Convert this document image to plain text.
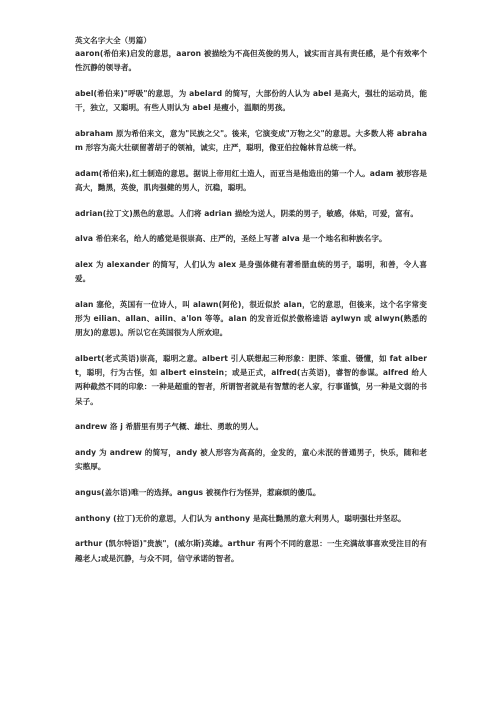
英文名字大全（男篇）

aaron(希伯来)启发的意思，aaron 被描绘为不高但英俊的男人，诚实而言具有责任感，是个有效率个性沉静的领导者。

abel(希伯来)"呼吸"的意思，为 abelard 的简写，大部份的人认为 abel 是高大，强壮的运动员，能干，独立，又聪明。有些人则认为 abel 是瘦小，温顺的男孩。

abraham 原为希伯来文，意为"民族之父"。後来，它演变成"万物之父"的意思。大多数人将 abraham 形容为高大壮硕留著胡子的领袖，诚实，庄严，聪明，像亚伯拉翰林肯总统一样。

adam(希伯来),红土制造的意思。据说上帝用红土造人，而亚当是他造出的第一个人。adam 被形容是高大，黝黑，英俊，肌肉强健的男人，沉稳，聪明。

adrian(拉丁文)黑色的意思。人们将 adrian 描绘为送人，阴柔的男子，敏感，体贴，可爱，富有。

alva 希伯来名，给人的感觉是很崇高、庄严的，圣经上写著 alva 是一个地名和种族名字。

alex 为 alexander 的简写，人们认为 alex 是身强体健有著希腊血统的男子，聪明，和善，令人喜爱。

alan 塞伦，英国有一位诗人，叫 alawn(阿伦)，很近似於 alan，它的意思，但後来，这个名字常变形为 eilian、allan、ailin、a'lon 等等。alan 的发音近似於傲格逵语 aylwyn 或 alwyn(熟悉的朋友)的意思)。所以它在英国很为人所欢迎。

albert(老式英语)崇高，聪明之意。albert 引人联想起三种形象：肥胖、笨重、镊懂，如 fat albert，聪明，行为古怪，如 albert einstein；或是正式，alfred(古英语)，睿智的参谋。alfred 给人两种截然不同的印象：一种是超重的智者，所谓智者就是有智慧的老人家，行事谨慎，另一种是文弱的书呆子。

andrew 洛 j 希腊里有男子气概、雄壮、勇敢的男人。

andy 为 andrew 的简写，andy 被人形容为高高的，金发的，童心未泯的普通男子，快乐，随和老实憨厚。

angus(盖尔语)唯一的选择。angus 被视作行为怪异，惹麻烦的傻瓜。

anthony (拉丁)无价的意思，人们认为 anthony 是高壮黝黑的意大利男人，聪明强壮并坚忍。

arthur (凯尔特语)"贵族"，(威尔斯)英雄。arthur 有两个不同的意思：一生充满故事喜欢受注目的有趣老人;或是沉静，与众不同，信守承诺的智者。
